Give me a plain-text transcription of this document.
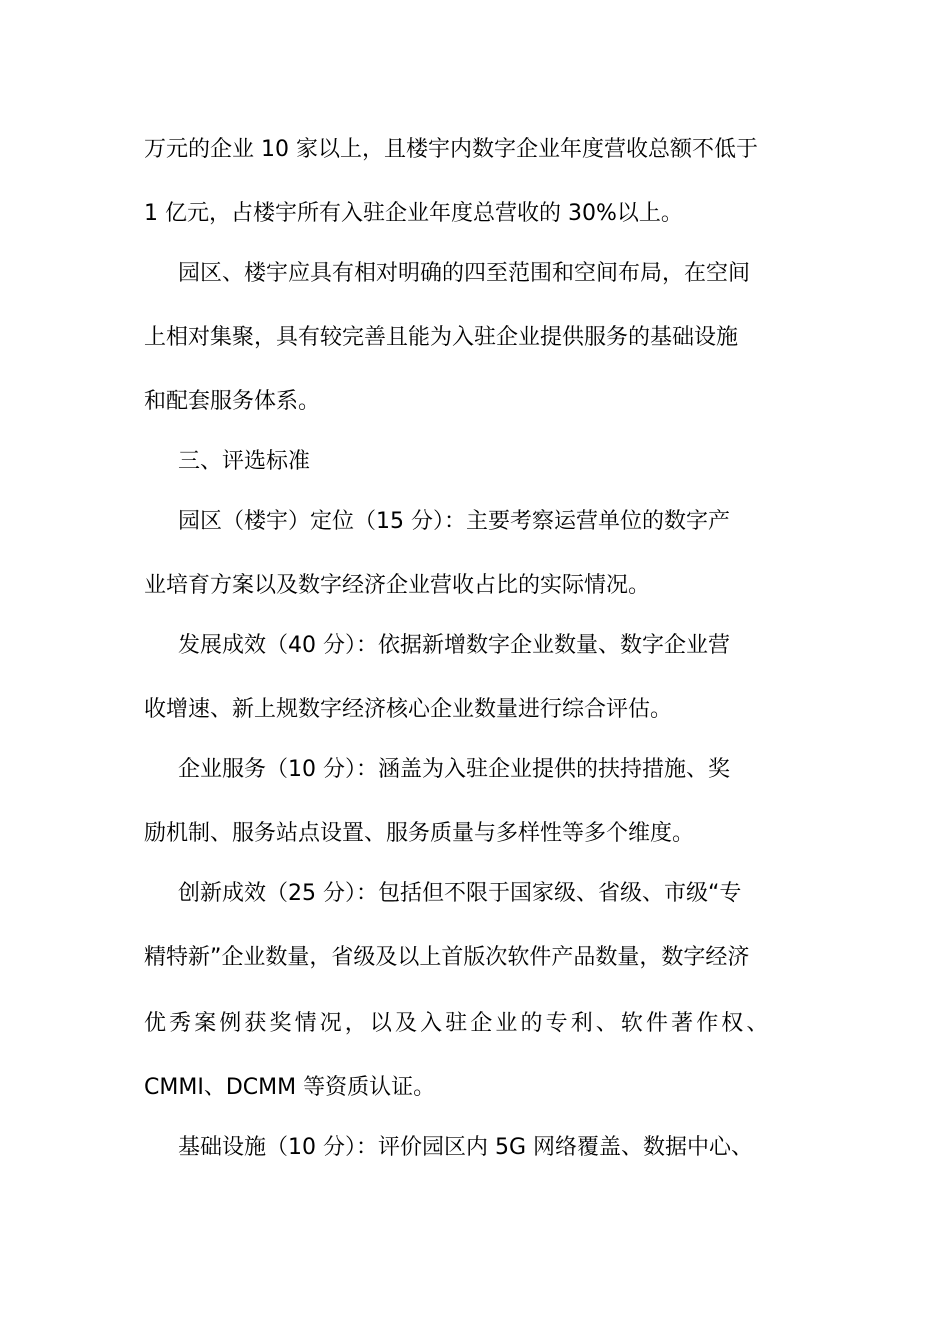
万元的企业 10 家以上，且楼宇内数字企业年度营收总额不低于
1 亿元，占楼宇所有入驻企业年度总营收的 30%以上。
园区、楼宇应具有相对明确的四至范围和空间布局，在空间
上相对集聚，具有较完善且能为入驻企业提供服务的基础设施
和配套服务体系。
三、评选标准
园区（楼宇）定位（15 分）：主要考察运营单位的数字产
业培育方案以及数字经济企业营收占比的实际情况。
发展成效（40 分）：依据新增数字企业数量、数字企业营
收增速、新上规数字经济核心企业数量进行综合评估。
企业服务（10 分）：涵盖为入驻企业提供的扶持措施、奖
励机制、服务站点设置、服务质量与多样性等多个维度。
创新成效（25 分）：包括但不限于国家级、省级、市级“专
精特新”企业数量，省级及以上首版次软件产品数量，数字经济
优秀案例获奖情况，以及入驻企业的专利、软件著作权、
CMMI、DCMM 等资质认证。
基础设施（10 分）：评价园区内 5G 网络覆盖、数据中心、
